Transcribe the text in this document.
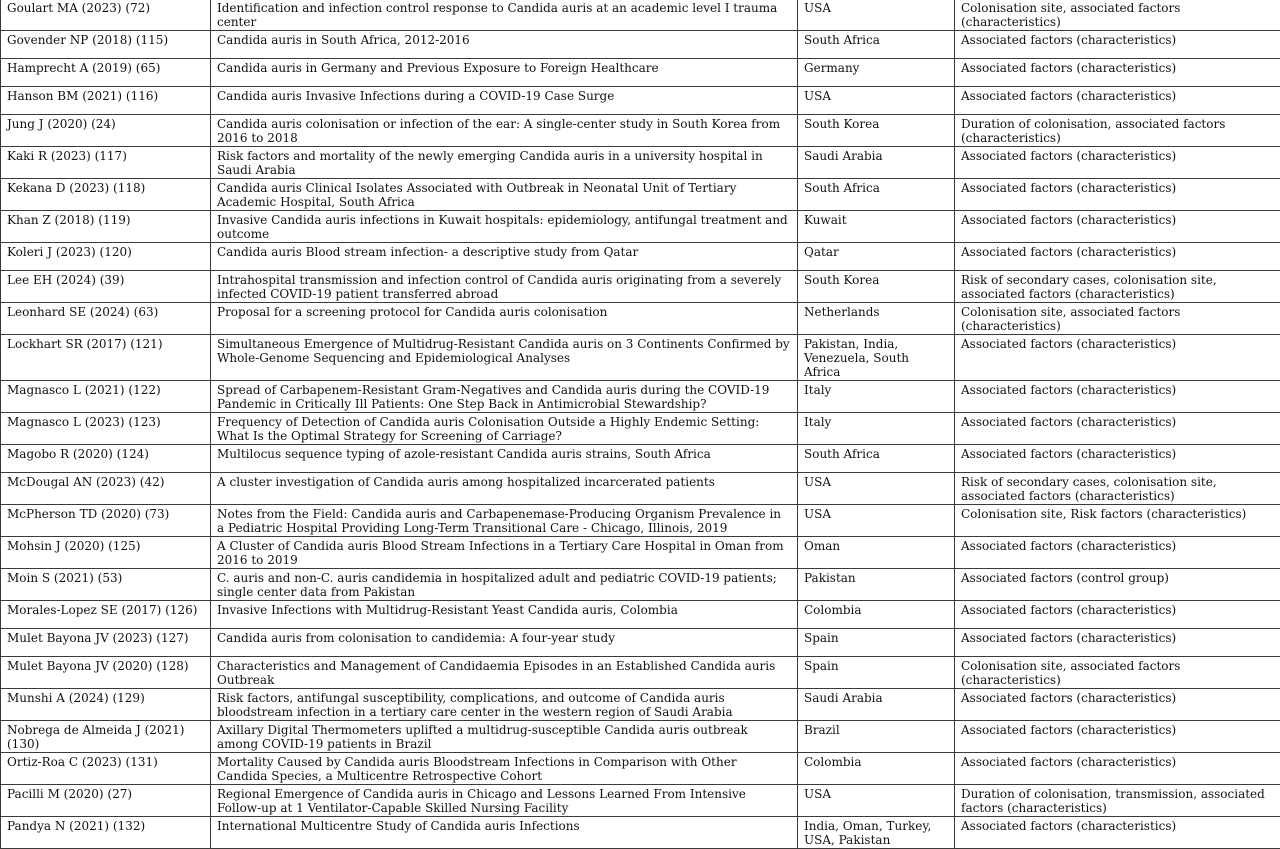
Goulart MA (2023) (72)	Identification and infection control response to Candida auris at an academic level I trauma center	USA	Colonisation site, associated factors (characteristics)
Govender NP (2018) (115)	Candida auris in South Africa, 2012-2016	South Africa	Associated factors (characteristics)
Hamprecht A (2019) (65)	Candida auris in Germany and Previous Exposure to Foreign Healthcare	Germany	Associated factors (characteristics)
Hanson BM (2021) (116)	Candida auris Invasive Infections during a COVID-19 Case Surge	USA	Associated factors (characteristics)
Jung J (2020) (24)	Candida auris colonisation or infection of the ear: A single-center study in South Korea from 2016 to 2018	South Korea	Duration of colonisation, associated factors (characteristics)
Kaki R (2023) (117)	Risk factors and mortality of the newly emerging Candida auris in a university hospital in Saudi Arabia	Saudi Arabia	Associated factors (characteristics)
Kekana D (2023) (118)	Candida auris Clinical Isolates Associated with Outbreak in Neonatal Unit of Tertiary Academic Hospital, South Africa	South Africa	Associated factors (characteristics)
Khan Z (2018) (119)	Invasive Candida auris infections in Kuwait hospitals: epidemiology, antifungal treatment and outcome	Kuwait	Associated factors (characteristics)
Koleri J (2023) (120)	Candida auris Blood stream infection- a descriptive study from Qatar	Qatar	Associated factors (characteristics)
Lee EH (2024) (39)	Intrahospital transmission and infection control of Candida auris originating from a severely infected COVID-19 patient transferred abroad	South Korea	Risk of secondary cases, colonisation site, associated factors (characteristics)
Leonhard SE (2024) (63)	Proposal for a screening protocol for Candida auris colonisation	Netherlands	Colonisation site, associated factors (characteristics)
Lockhart SR (2017) (121)	Simultaneous Emergence of Multidrug-Resistant Candida auris on 3 Continents Confirmed by Whole-Genome Sequencing and Epidemiological Analyses	Pakistan, India, Venezuela, South Africa	Associated factors (characteristics)
Magnasco L (2021) (122)	Spread of Carbapenem-Resistant Gram-Negatives and Candida auris during the COVID-19 Pandemic in Critically Ill Patients: One Step Back in Antimicrobial Stewardship?	Italy	Associated factors (characteristics)
Magnasco L (2023) (123)	Frequency of Detection of Candida auris Colonisation Outside a Highly Endemic Setting: What Is the Optimal Strategy for Screening of Carriage?	Italy	Associated factors (characteristics)
Magobo R (2020) (124)	Multilocus sequence typing of azole-resistant Candida auris strains, South Africa	South Africa	Associated factors (characteristics)
McDougal AN (2023) (42)	A cluster investigation of Candida auris among hospitalized incarcerated patients	USA	Risk of secondary cases, colonisation site, associated factors (characteristics)
McPherson TD (2020) (73)	Notes from the Field: Candida auris and Carbapenemase-Producing Organism Prevalence in a Pediatric Hospital Providing Long-Term Transitional Care - Chicago, Illinois, 2019	USA	Colonisation site, Risk factors (characteristics)
Mohsin J (2020) (125)	A Cluster of Candida auris Blood Stream Infections in a Tertiary Care Hospital in Oman from 2016 to 2019	Oman	Associated factors (characteristics)
Moin S (2021) (53)	C. auris and non-C. auris candidemia in hospitalized adult and pediatric COVID-19 patients; single center data from Pakistan	Pakistan	Associated factors (control group)
Morales-Lopez SE (2017) (126)	Invasive Infections with Multidrug-Resistant Yeast Candida auris, Colombia	Colombia	Associated factors (characteristics)
Mulet Bayona JV (2023) (127)	Candida auris from colonisation to candidemia: A four-year study	Spain	Associated factors (characteristics)
Mulet Bayona JV (2020) (128)	Characteristics and Management of Candidaemia Episodes in an Established Candida auris Outbreak	Spain	Colonisation site, associated factors (characteristics)
Munshi A (2024) (129)	Risk factors, antifungal susceptibility, complications, and outcome of Candida auris bloodstream infection in a tertiary care center in the western region of Saudi Arabia	Saudi Arabia	Associated factors (characteristics)
Nobrega de Almeida J (2021) (130)	Axillary Digital Thermometers uplifted a multidrug-susceptible Candida auris outbreak among COVID-19 patients in Brazil	Brazil	Associated factors (characteristics)
Ortiz-Roa C (2023) (131)	Mortality Caused by Candida auris Bloodstream Infections in Comparison with Other Candida Species, a Multicentre Retrospective Cohort	Colombia	Associated factors (characteristics)
Pacilli M (2020) (27)	Regional Emergence of Candida auris in Chicago and Lessons Learned From Intensive Follow-up at 1 Ventilator-Capable Skilled Nursing Facility	USA	Duration of colonisation, transmission, associated factors (characteristics)
Pandya N (2021) (132)	International Multicentre Study of Candida auris Infections	India, Oman, Turkey, USA, Pakistan	Associated factors (characteristics)
